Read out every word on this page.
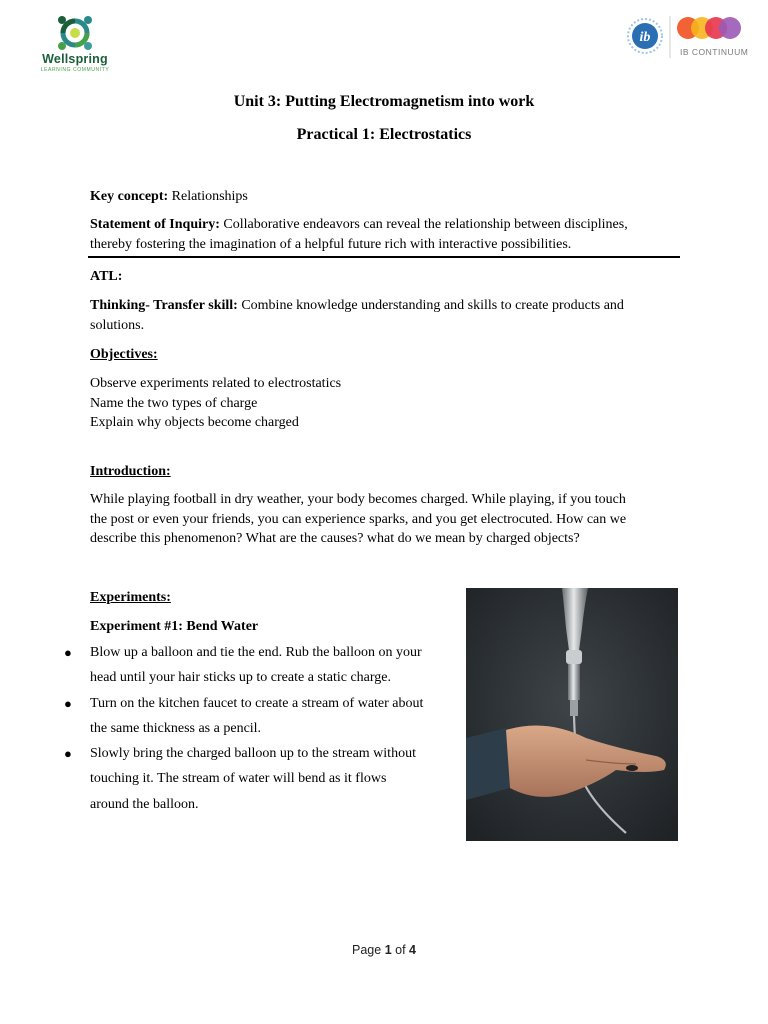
Wellspring
LEARNING COMMUNITY
ib
IB CONTINUUM
Unit 3: Putting Electromagnetism into work
Practical 1: Electrostatics
Key concept: Relationships
Statement of Inquiry: Collaborative endeavors can reveal the relationship between disciplines,
thereby fostering the imagination of a helpful future rich with interactive possibilities.
ATL:
Thinking- Transfer skill: Combine knowledge understanding and skills to create products and
solutions.
Objectives:
Observe experiments related to electrostatics
Name the two types of charge
Explain why objects become charged
Introduction:
While playing football in dry weather, your body becomes charged. While playing, if you touch
the post or even your friends, you can experience sparks, and you get electrocuted. How can we
describe this phenomenon? What are the causes? what do we mean by charged objects?
Experiments:
Experiment #1: Bend Water
● Blow up a balloon and tie the end. Rub the balloon on your
head until your hair sticks up to create a static charge.
● Turn on the kitchen faucet to create a stream of water about
the same thickness as a pencil.
● Slowly bring the charged balloon up to the stream without
touching it. The stream of water will bend as it flows
around the balloon.
Page 1 of 4
